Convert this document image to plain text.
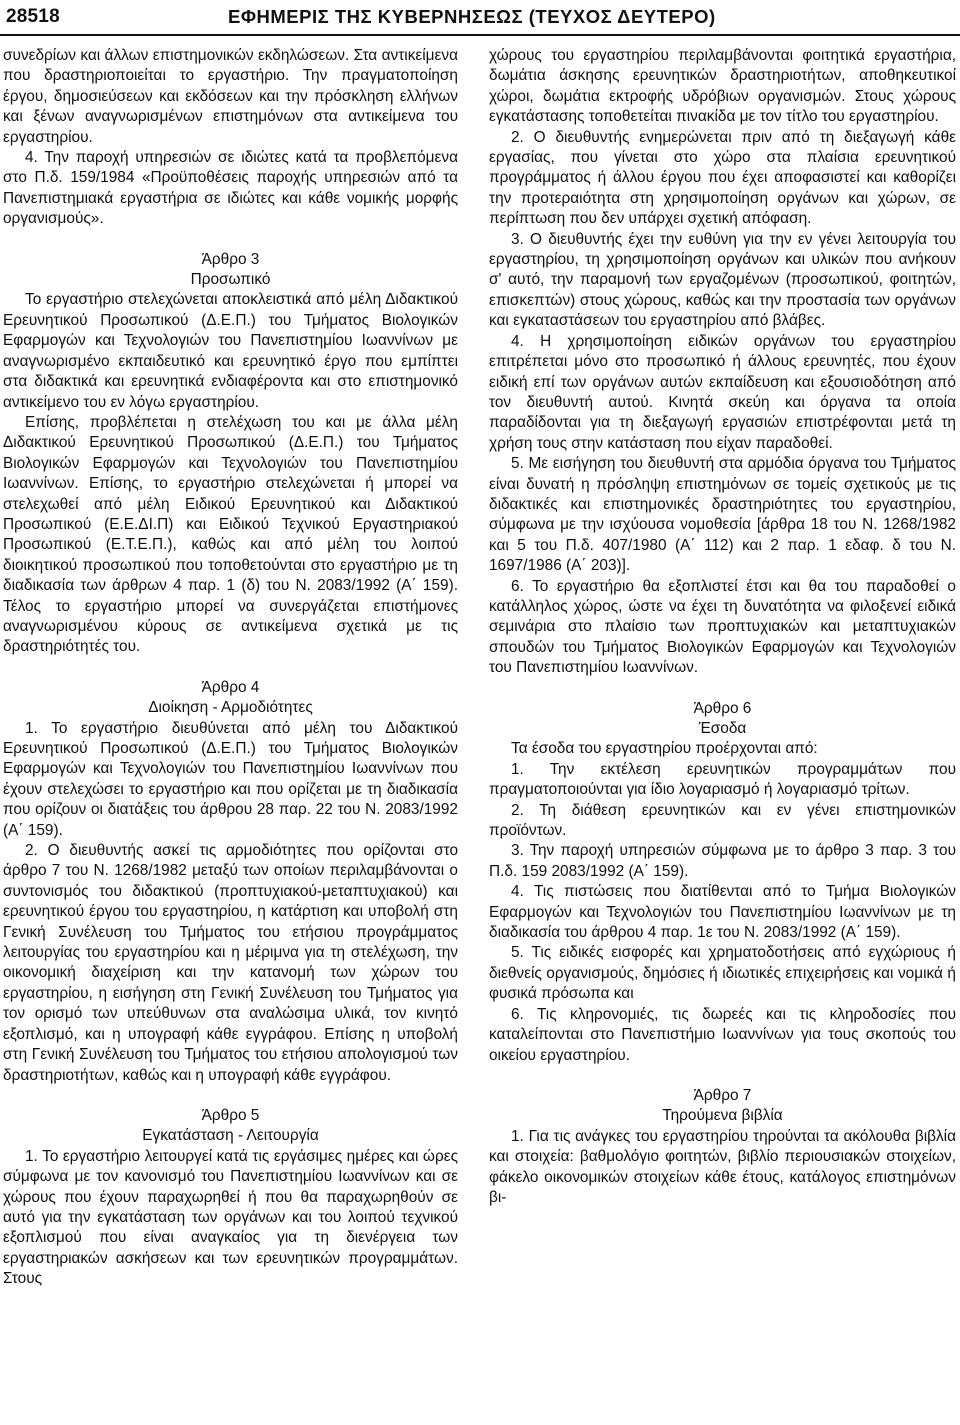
28518	ΕΦΗΜΕΡΙΣ ΤΗΣ ΚΥΒΕΡΝΗΣΕΩΣ (ΤΕΥΧΟΣ ΔΕΥΤΕΡΟ)

συνεδρίων και άλλων επιστημονικών εκδηλώσεων. Στα αντικείμενα που δραστηριοποιείται το εργαστήριο. Την πραγματοποίηση έργου, δημοσιεύσεων και εκδόσεων και την πρόσκληση ελλήνων και ξένων αναγνωρισμένων επιστημόνων στα αντικείμενα του εργαστηρίου.

4. Την παροχή υπηρεσιών σε ιδιώτες κατά τα προβλεπόμενα στο Π.δ. 159/1984 «Προϋποθέσεις παροχής υπηρεσιών από τα Πανεπιστημιακά εργαστήρια σε ιδιώτες και κάθε νομικής μορφής οργανισμούς».

Άρθρο 3

Προσωπικό

Το εργαστήριο στελεχώνεται αποκλειστικά από μέλη Διδακτικού Ερευνητικού Προσωπικού (Δ.Ε.Π.) του Τμήματος Βιολογικών Εφαρμογών και Τεχνολογιών του Πανεπιστημίου Ιωαννίνων με αναγνωρισμένο εκπαιδευτικό και ερευνητικό έργο που εμπίπτει στα διδακτικά και ερευνητικά ενδιαφέροντα και στο επιστημονικό αντικείμενο του εν λόγω εργαστηρίου.

Επίσης, προβλέπεται η στελέχωση του και με άλλα μέλη Διδακτικού Ερευνητικού Προσωπικού (Δ.Ε.Π.) του Τμήματος Βιολογικών Εφαρμογών και Τεχνολογιών του Πανεπιστημίου Ιωαννίνων. Επίσης, το εργαστήριο στελεχώνεται ή μπορεί να στελεχωθεί από μέλη Ειδικού Ερευνητικού και Διδακτικού Προσωπικού (Ε.Ε.ΔΙ.Π) και Ειδικού Τεχνικού Εργαστηριακού Προσωπικού (Ε.Τ.Ε.Π.), καθώς και από μέλη του λοιπού διοικητικού προσωπικού που τοποθετούνται στο εργαστήριο με τη διαδικασία των άρθρων 4 παρ. 1 (δ) του Ν. 2083/1992 (Α΄ 159). Τέλος το εργαστήριο μπορεί να συνεργάζεται επιστήμονες αναγνωρισμένου κύρους σε αντικείμενα σχετικά με τις δραστηριότητές του.

Άρθρο 4

Διοίκηση - Αρμοδιότητες

1. Το εργαστήριο διευθύνεται από μέλη του Διδακτικού Ερευνητικού Προσωπικού (Δ.Ε.Π.) του Τμήματος Βιολογικών Εφαρμογών και Τεχνολογιών του Πανεπιστημίου Ιωαννίνων που έχουν στελεχώσει το εργαστήριο και που ορίζεται με τη διαδικασία που ορίζουν οι διατάξεις του άρθρου 28 παρ. 22 του Ν. 2083/1992 (Α΄ 159).

2. Ο διευθυντής ασκεί τις αρμοδιότητες που ορίζονται στο άρθρο 7 του Ν. 1268/1982 μεταξύ των οποίων περιλαμβάνονται ο συντονισμός του διδακτικού (προπτυχιακού-μεταπτυχιακού) και ερευνητικού έργου του εργαστηρίου, η κατάρτιση και υποβολή στη Γενική Συνέλευση του Τμήματος του ετήσιου προγράμματος λειτουργίας του εργαστηρίου και η μέριμνα για τη στελέχωση, την οικονομική διαχείριση και την κατανομή των χώρων του εργαστηρίου, η εισήγηση στη Γενική Συνέλευση του Τμήματος για τον ορισμό των υπεύθυνων στα αναλώσιμα υλικά, τον κινητό εξοπλισμό, και η υπογραφή κάθε εγγράφου. Επίσης η υποβολή στη Γενική Συνέλευση του Τμήματος του ετήσιου απολογισμού των δραστηριοτήτων, καθώς και η υπογραφή κάθε εγγράφου.

Άρθρο 5

Εγκατάσταση - Λειτουργία

1. Το εργαστήριο λειτουργεί κατά τις εργάσιμες ημέρες και ώρες σύμφωνα με τον κανονισμό του Πανεπιστημίου Ιωαννίνων και σε χώρους που έχουν παραχωρηθεί ή που θα παραχωρηθούν σε αυτό για την εγκατάσταση των οργάνων και του λοιπού τεχνικού εξοπλισμού που είναι αναγκαίος για τη διενέργεια των εργαστηριακών ασκήσεων και των ερευνητικών προγραμμάτων. Στους

χώρους του εργαστηρίου περιλαμβάνονται φοιτητικά εργαστήρια, δωμάτια άσκησης ερευνητικών δραστηριοτήτων, αποθηκευτικοί χώροι, δωμάτια εκτροφής υδρόβιων οργανισμών. Στους χώρους εγκατάστασης τοποθετείται πινακίδα με τον τίτλο του εργαστηρίου.

2. Ο διευθυντής ενημερώνεται πριν από τη διεξαγωγή κάθε εργασίας, που γίνεται στο χώρο στα πλαίσια ερευνητικού προγράμματος ή άλλου έργου που έχει αποφασιστεί και καθορίζει την προτεραιότητα στη χρησιμοποίηση οργάνων και χώρων, σε περίπτωση που δεν υπάρχει σχετική απόφαση.

3. Ο διευθυντής έχει την ευθύνη για την εν γένει λειτουργία του εργαστηρίου, τη χρησιμοποίηση οργάνων και υλικών που ανήκουν σ' αυτό, την παραμονή των εργαζομένων (προσωπικού, φοιτητών, επισκεπτών) στους χώρους, καθώς και την προστασία των οργάνων και εγκαταστάσεων του εργαστηρίου από βλάβες.

4. Η χρησιμοποίηση ειδικών οργάνων του εργαστηρίου επιτρέπεται μόνο στο προσωπικό ή άλλους ερευνητές, που έχουν ειδική επί των οργάνων αυτών εκπαίδευση και εξουσιοδότηση από τον διευθυντή αυτού. Κινητά σκεύη και όργανα τα οποία παραδίδονται για τη διεξαγωγή εργασιών επιστρέφονται μετά τη χρήση τους στην κατάσταση που είχαν παραδοθεί.

5. Με εισήγηση του διευθυντή στα αρμόδια όργανα του Τμήματος είναι δυνατή η πρόσληψη επιστημόνων σε τομείς σχετικούς με τις διδακτικές και επιστημονικές δραστηριότητες του εργαστηρίου, σύμφωνα με την ισχύουσα νομοθεσία [άρθρα 18 του Ν. 1268/1982 και 5 του Π.δ. 407/1980 (Α΄ 112) και 2 παρ. 1 εδαφ. δ του Ν. 1697/1986 (Α΄ 203)].

6. Το εργαστήριο θα εξοπλιστεί έτσι και θα του παραδοθεί ο κατάλληλος χώρος, ώστε να έχει τη δυνατότητα να φιλοξενεί ειδικά σεμινάρια στο πλαίσιο των προπτυχιακών και μεταπτυχιακών σπουδών του Τμήματος Βιολογικών Εφαρμογών και Τεχνολογιών του Πανεπιστημίου Ιωαννίνων.

Άρθρο 6

Έσοδα

Τα έσοδα του εργαστηρίου προέρχονται από:

1. Την εκτέλεση ερευνητικών προγραμμάτων που πραγματοποιούνται για ίδιο λογαριασμό ή λογαριασμό τρίτων.

2. Τη διάθεση ερευνητικών και εν γένει επιστημονικών προϊόντων.

3. Την παροχή υπηρεσιών σύμφωνα με το άρθρο 3 παρ. 3 του Π.δ. 159 2083/1992 (Α΄ 159).

4. Τις πιστώσεις που διατίθενται από το Τμήμα Βιολογικών Εφαρμογών και Τεχνολογιών του Πανεπιστημίου Ιωαννίνων με τη διαδικασία του άρθρου 4 παρ. 1ε του Ν. 2083/1992 (Α΄ 159).

5. Τις ειδικές εισφορές και χρηματοδοτήσεις από εγχώριους ή διεθνείς οργανισμούς, δημόσιες ή ιδιωτικές επιχειρήσεις και νομικά ή φυσικά πρόσωπα και

6. Τις κληρονομιές, τις δωρεές και τις κληροδοσίες που καταλείπονται στο Πανεπιστήμιο Ιωαννίνων για τους σκοπούς του οικείου εργαστηρίου.

Άρθρο 7

Τηρούμενα βιβλία

1. Για τις ανάγκες του εργαστηρίου τηρούνται τα ακόλουθα βιβλία και στοιχεία: βαθμολόγιο φοιτητών, βιβλίο περιουσιακών στοιχείων, φάκελο οικονομικών στοιχείων κάθε έτους, κατάλογος επιστημόνων βι-
